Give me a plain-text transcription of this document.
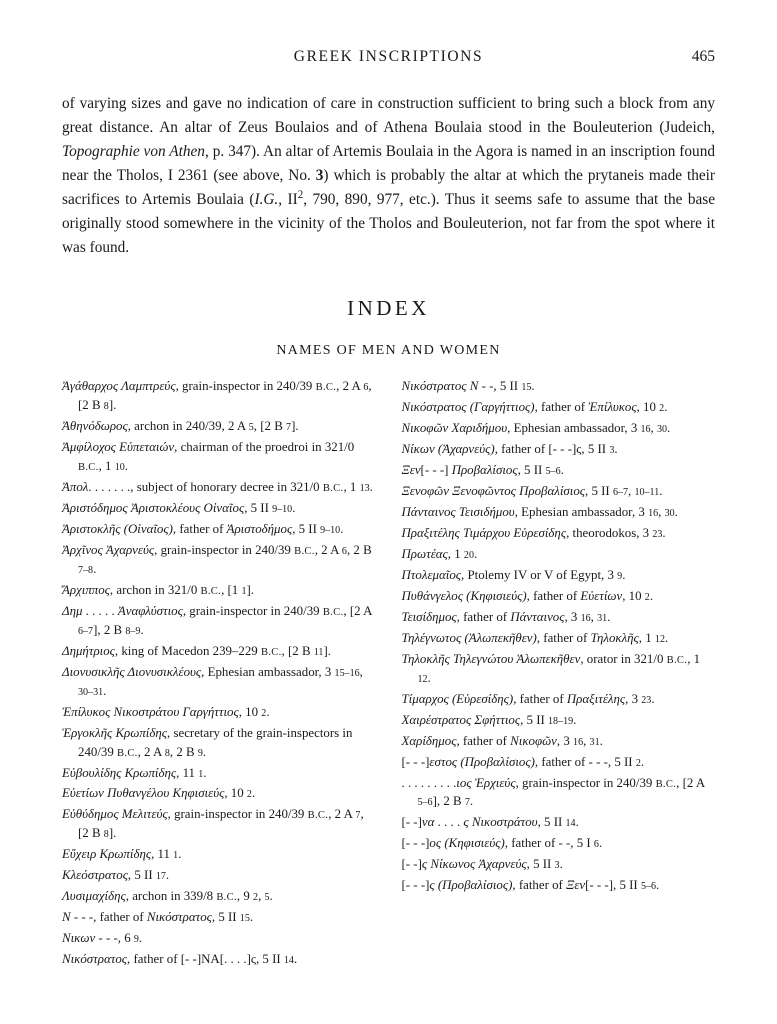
GREEK INSCRIPTIONS	465

of varying sizes and gave no indication of care in construction sufficient to bring such a block from any great distance. An altar of Zeus Boulaios and of Athena Boulaia stood in the Bouleuterion (Judeich, Topographie von Athen, p. 347). An altar of Artemis Boulaia in the Agora is named in an inscription found near the Tholos, I 2361 (see above, No. 3) which is probably the altar at which the prytaneis made their sacrifices to Artemis Boulaia (I.G., $II^2$, 790, 890, 977, etc.). Thus it seems safe to assume that the base originally stood somewhere in the vicinity of the Tholos and Bouleuterion, not far from the spot where it was found.

INDEX
NAMES OF MEN AND WOMEN

Ἀγάθαρχος Λαμπτρεύς, grain-inspector in 240/39 B.C., 2 A 6, [2 B 8].

Ἀθηνόδωρος, archon in 240/39, 2 A 5, [2 B 7].

Ἀμφίλοχος Εὐπεταιών, chairman of the proedroi in 321/0 B.C., 1 10.

Ἀπολ. . . . . . ., subject of honorary decree in 321/0 B.C., 1 13.

Ἀριστόδημος Ἀριστοκλέους Οἰναῖος, 5 II 9–10.

Ἀριστοκλῆς (Οἰναῖος), father of Ἀριστοδήμος, 5 II 9–10.

Ἀρχῖνος Ἀχαρνεύς, grain-inspector in 240/39 B.C., 2 A 6, 2 B 7–8.

Ἄρχιππος, archon in 321/0 B.C., [1 1].

Δημ . . . . . Ἀναφλύστιος, grain-inspector in 240/39 B.C., [2 A 6–7], 2 B 8–9.

Δημήτριος, king of Macedon 239–229 B.C., [2 B 11].

Διονυσικλῆς Διονυσικλέους, Ephesian ambassador, 3 15–16, 30–31.

Ἐπίλυκος Νικοστράτου Γαργήττιος, 10 2.

Ἑργοκλῆς Κρωπίδης, secretary of the grain-inspectors in 240/39 B.C., 2 A 8, 2 B 9.

Εὐβουλίδης Κρωπίδης, 11 1.

Εὐετίων Πυθανγέλου Κηφισιεύς, 10 2.

Εὐθύδημος Μελιτεύς, grain-inspector in 240/39 B.C., 2 A 7, [2 B 8].

Εὔχειρ Κρωπίδης, 11 1.

Κλεόστρατος, 5 II 17.

Λυσιμαχίδης, archon in 339/8 B.C., 9 2, 5.

Ν - - -, father of Νικόστρατος, 5 II 15.

Νικων - - -, 6 9.

Νικόστρατος, father of [- -]ΝΑ[. . . .]ς, 5 II 14.

Νικόστρατος Ν - -, 5 II 15.

Νικόστρατος (Γαργήττιος), father of Ἐπίλυκος, 10 2.

Νικοφῶν Χαριδήμου, Ephesian ambassador, 3 16, 30.

Νίκων (Ἀχαρνεύς), father of [- - -]ς, 5 II 3.

Ξεν[- - -] Προβαλίσιος, 5 II 5–6.

Ξενοφῶν Ξενοφῶντος Προβαλίσιος, 5 II 6–7, 10–11.

Πάνταινος Τεισιδήμου, Ephesian ambassador, 3 16, 30.

Πραξιτέλης Τιμάρχου Εὑρεσίδης, theorodokos, 3 23.

Πρωτέας, 1 20.

Πτολεμαῖος, Ptolemy IV or V of Egypt, 3 9.

Πυθάνγελος (Κηφισιεύς), father of Εὐετίων, 10 2.

Τεισίδημος, father of Πάνταινος, 3 16, 31.

Τηλέγνωτος (Ἁλωπεκῆθεν), father of Τηλοκλῆς, 1 12.

Τηλοκλῆς Τηλεγνώτου Ἁλωπεκῆθεν, orator in 321/0 B.C., 1 12.

Τίμαρχος (Εὑρεσίδης), father of Πραξιτέλης, 3 23.

Χαιρέστρατος Σφήττιος, 5 II 18–19.

Χαρίδημος, father of Νικοφῶν, 3 16, 31.

[- - -]εστος (Προβαλίσιος), father of - - -, 5 II 2.

. . . . . . . . .ιος Ἐρχιεύς, grain-inspector in 240/39 B.C., [2 A 5–6], 2 B 7.

[- -]να . . . . ς Νικοστράτου, 5 II 14.

[- - -]ος (Κηφισιεύς), father of - -, 5 I 6.

[- -]ς Νίκωνος Ἀχαρνεύς, 5 II 3.

[- - -]ς (Προβαλίσιος), father of Ξεν[- - -], 5 II 5–6.
